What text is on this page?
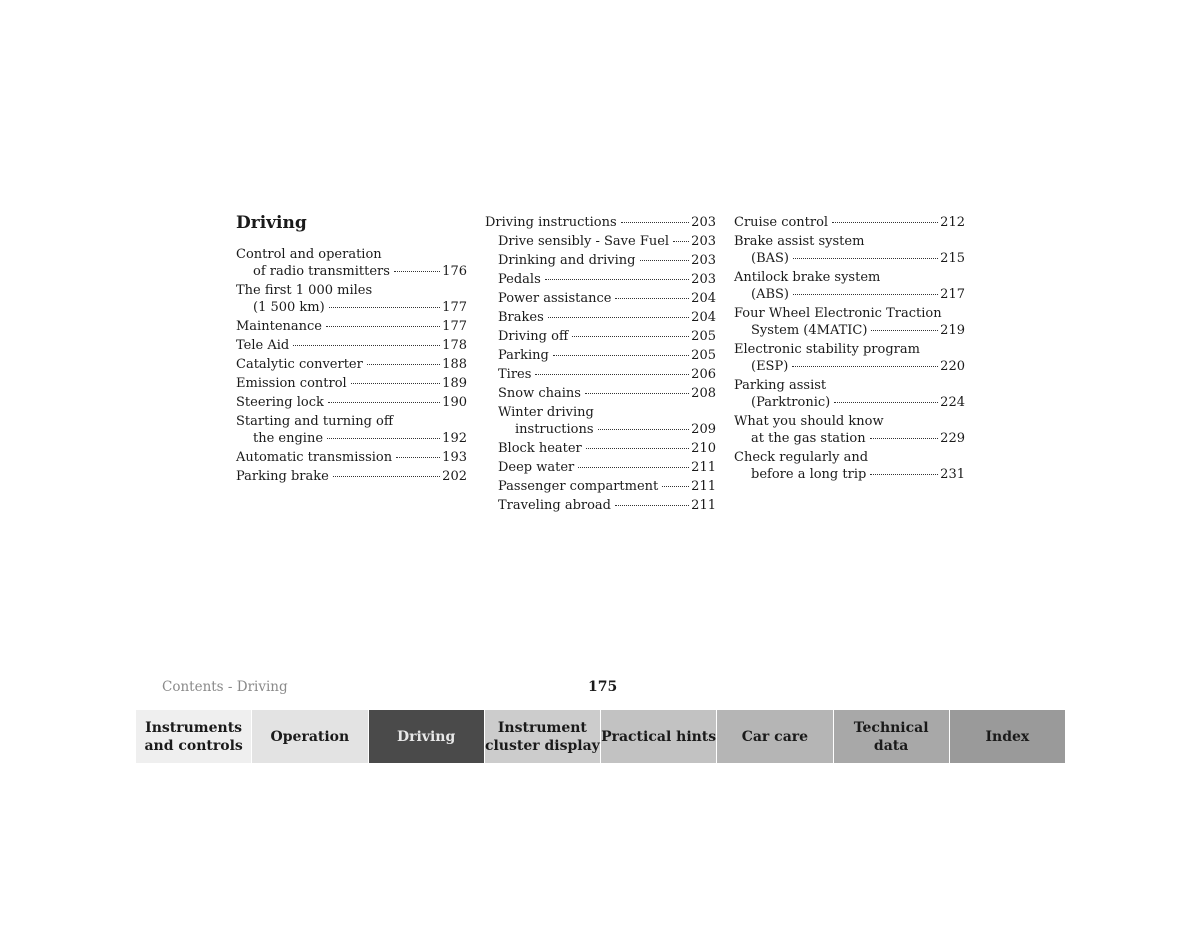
Driving
Control and operation
of radio transmitters	176
The first 1 000 miles
(1 500 km)	177
Maintenance	177
Tele Aid	178
Catalytic converter	188
Emission control	189
Steering lock	190
Starting and turning off
the engine	192
Automatic transmission	193
Parking brake	202
Driving instructions	203
Drive sensibly - Save Fuel 203
Drinking and driving	203
Pedals	203
Power assistance	204
Brakes	204
Driving off	205
Parking	205
Tires	206
Snow chains	208
Winter driving
instructions	209
Block heater	210
Deep water	211
Passenger compartment	211
Traveling abroad	211
Cruise control	212
Brake assist system
(BAS)	215
Antilock brake system
(ABS)	217
Four Wheel Electronic Traction
System (4MATIC)	219
Electronic stability program
(ESP)	220
Parking assist
(Parktronic)	224
What you should know
at the gas station	229
Check regularly and
before a long trip	231
Contents - Driving	175
Instruments
and controls
Operation	Driving
Instrument
cluster display
Practical hints Car care
Technical
data
Index
